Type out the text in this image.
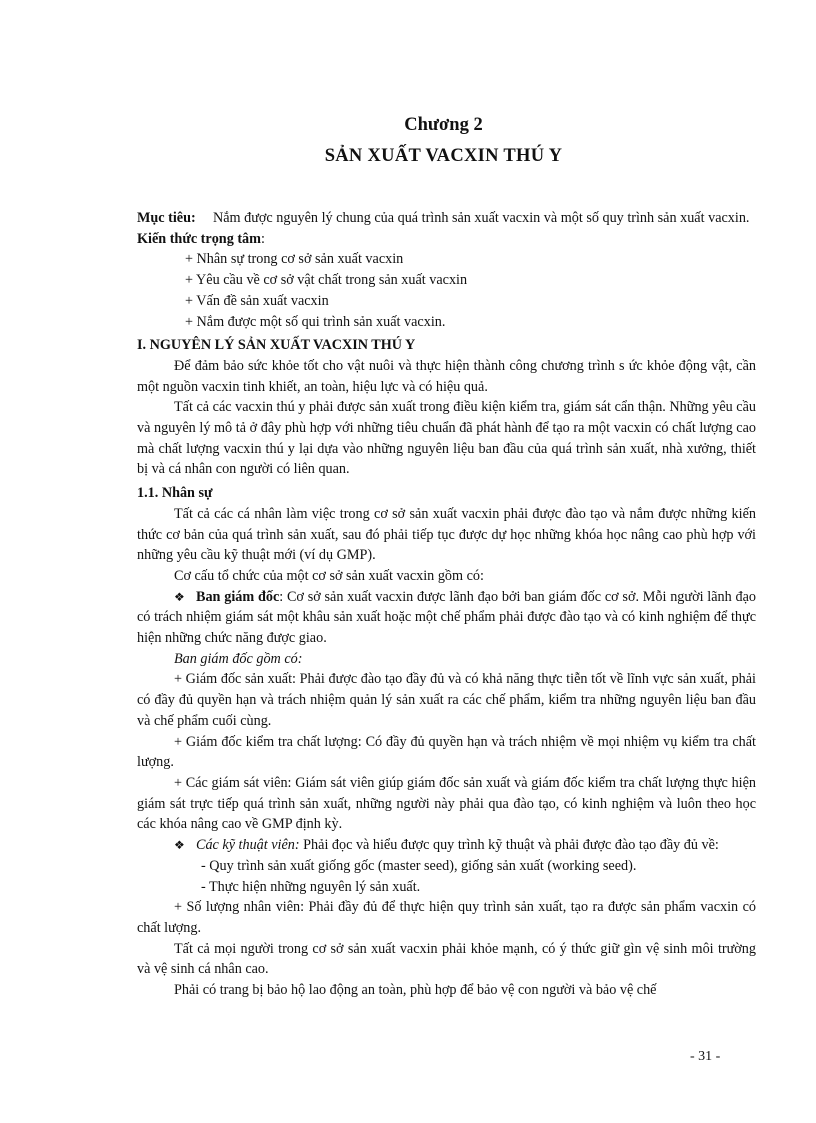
Chương 2
SẢN XUẤT VACXIN THÚ Y
Mục tiêu:	Nắm được nguyên lý chung của quá trình sản xuất vacxin và một số quy trình sản xuất vacxin.

Kiến thức trọng tâm:

+ Nhân sự trong cơ sở sản xuất vacxin
+ Yêu cầu về cơ sở vật chất trong sản xuất vacxin
+ Vấn đề sản xuất vacxin
+ Nắm được một số qui trình sản xuất vacxin.

I. NGUYÊN LÝ SẢN XUẤT VACXIN THÚ Y

Để đảm bảo sức khỏe tốt cho vật nuôi và thực hiện thành công chương trình s ức khỏe động vật, cần một nguồn vacxin tinh khiết, an toàn, hiệu lực và có hiệu quả.

Tất cả các vacxin thú y phải được sản xuất trong điều kiện kiểm tra, giám sát cẩn thận. Những yêu cầu và nguyên lý mô tả ở đây phù hợp với những tiêu chuẩn đã phát hành để tạo ra một vacxin có chất lượng cao mà chất lượng vacxin thú y lại dựa vào những nguyên liệu ban đầu của quá trình sản xuất, nhà xưởng, thiết bị và cá nhân con người có liên quan.

1.1. Nhân sự

Tất cả các cá nhân làm việc trong cơ sở sản xuất vacxin phải được đào tạo và nắm được những kiến thức cơ bản của quá trình sản xuất, sau đó phải tiếp tục được dự học những khóa học nâng cao phù hợp với những yêu cầu kỹ thuật mới (ví dụ GMP).

Cơ cấu tổ chức của một cơ sở sản xuất vacxin gồm có:

❖ Ban giám đốc: Cơ sở sản xuất vacxin được lãnh đạo bởi ban giám đốc cơ sở. Mỗi người lãnh đạo có trách nhiệm giám sát một khâu sản xuất hoặc một chế phẩm phải được đào tạo và có kinh nghiệm để thực hiện những chức năng được giao.

Ban giám đốc gồm có:

+ Giám đốc sản xuất: Phải được đào tạo đầy đủ và có khả năng thực tiễn tốt về lĩnh vực sản xuất, phải có đầy đủ quyền hạn và trách nhiệm quản lý sản xuất ra các chế phẩm, kiểm tra những nguyên liệu ban đầu và chế phẩm cuối cùng.

+ Giám đốc kiểm tra chất lượng: Có đầy đủ quyền hạn và trách nhiệm về mọi nhiệm vụ kiểm tra chất lượng.

+ Các giám sát viên: Giám sát viên giúp giám đốc sản xuất và giám đốc kiểm tra chất lượng thực hiện giám sát trực tiếp quá trình sản xuất, những người này phải qua đào tạo, có kinh nghiệm và luôn theo học các khóa nâng cao về GMP định kỳ.

❖ Các kỹ thuật viên: Phải đọc và hiểu được quy trình kỹ thuật và phải được đào tạo đầy đủ về:

- Quy trình sản xuất giống gốc (master seed), giống sản xuất (working seed).

- Thực hiện những nguyên lý sản xuất.

+ Số lượng nhân viên: Phải đầy đủ để thực hiện quy trình sản xuất, tạo ra được sản phẩm vacxin có chất lượng.

Tất cả mọi người trong cơ sở sản xuất vacxin phải khỏe mạnh, có ý thức giữ gìn vệ sinh môi trường và vệ sinh cá nhân cao.

Phải có trang bị bảo hộ lao động an toàn, phù hợp để bảo vệ con người và bảo vệ chế

- 31 -
